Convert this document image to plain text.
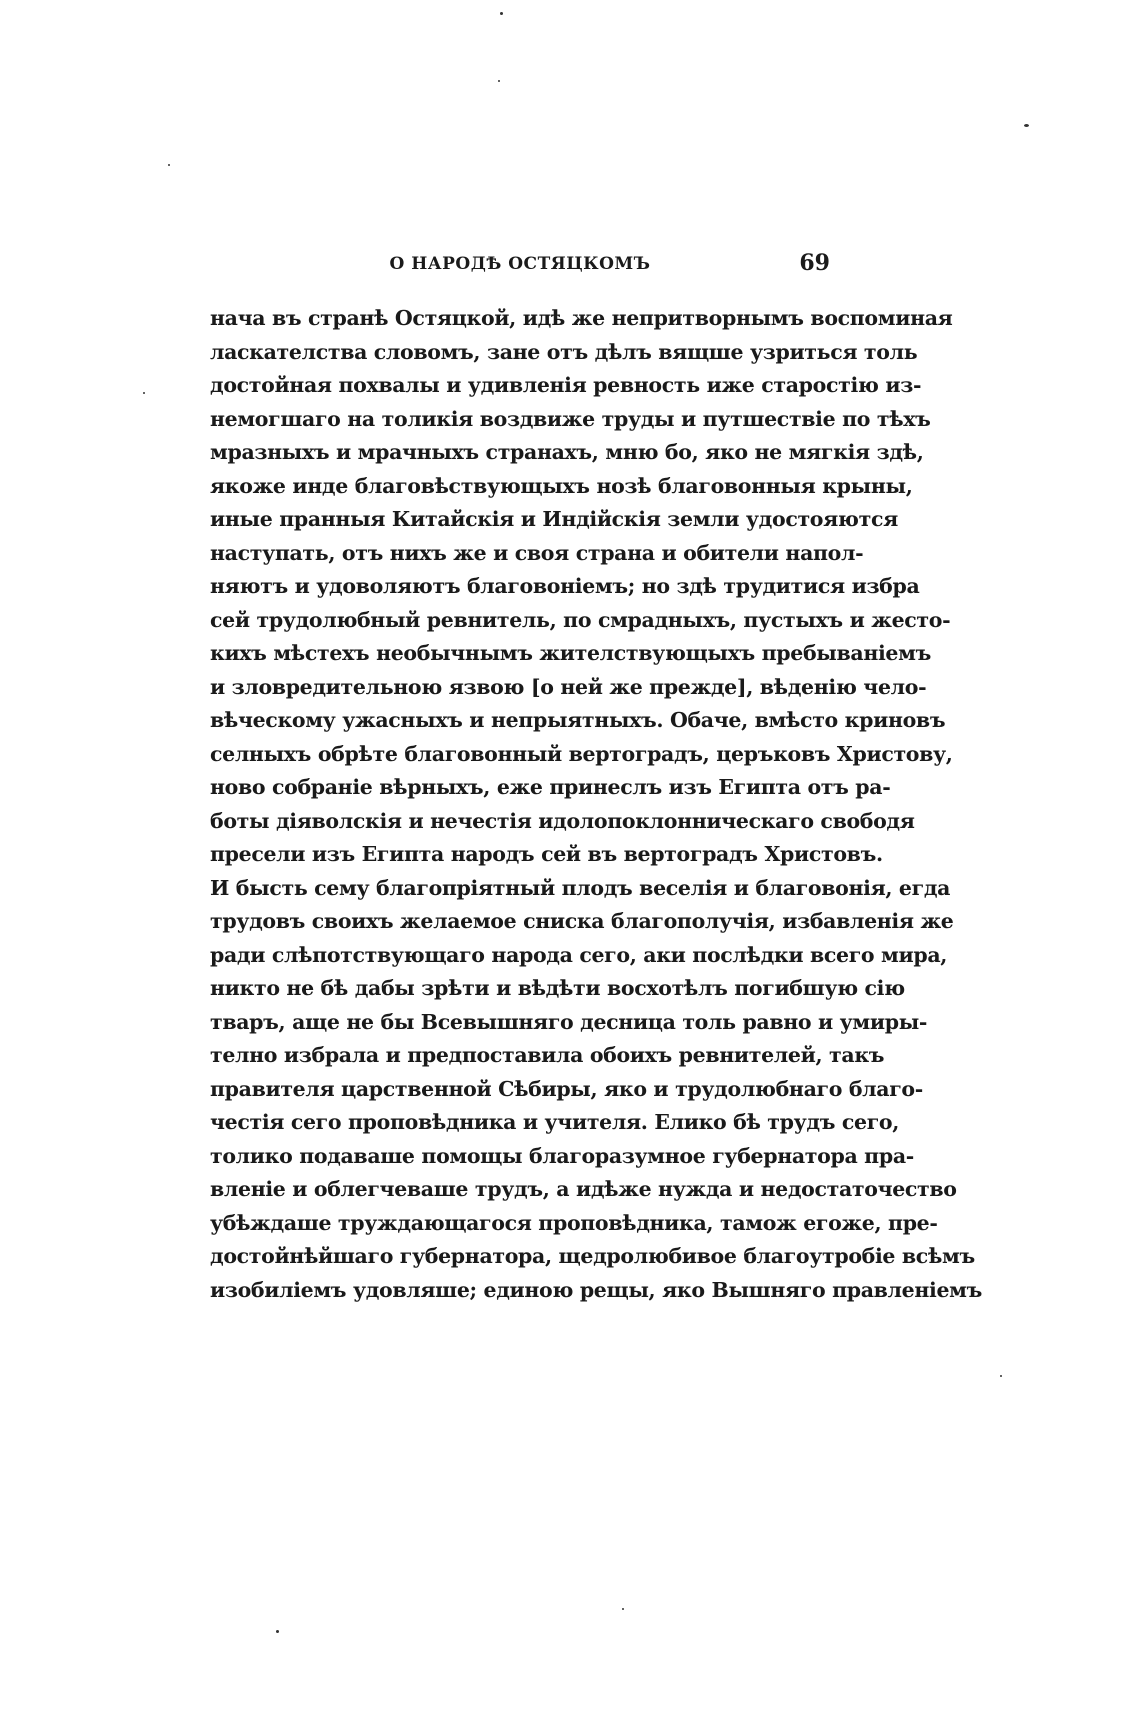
О НАРОДѢ ОСТЯЦКОМЪ	69
нача въ странѣ Остяцкой, идѣ же непритворнымъ воспоминая
ласкателства словомъ, зане отъ дѣлъ вящше узриться толь
достойная похвалы и удивленія ревность иже старостію из-
немогшаго на толикія воздвиже труды и путшествіе по тѣхъ
мразныхъ и мрачныхъ странахъ, мню бо, яко не мягкія здѣ,
якоже инде благовѣствующыхъ нозѣ благовонныя крыны,
иные пранныя Китайскія и Индійскія земли удостояются
наступать, отъ нихъ же и своя страна и обители напол-
няютъ и удоволяютъ благовоніемъ; но здѣ трудитися избра
сей трудолюбный ревнитель, по смрадныхъ, пустыхъ и жесто-
кихъ мѣстехъ необычнымъ жителствующыхъ пребываніемъ
и зловредительною язвою [о ней же прежде], вѣденію чело-
вѣческому ужасныхъ и непрыятныхъ. Обаче, вмѣсто криновъ
селныхъ обрѣте благовонный вертоградъ, церъковъ Христову,
ново собраніе вѣрныхъ, еже принеслъ изъ Египта отъ ра-
боты діяволскія и нечестія идолопоклонническаго свободя
пресели изъ Египта народъ сей въ вертоградъ Христовъ.
И бысть сему благопріятный плодъ веселія и благовонія, егда
трудовъ своихъ желаемое сниска благополучія, избавленія же
ради слѣпотствующаго народа сего, аки послѣдки всего мира,
никто не бѣ дабы зрѣти и вѣдѣти восхотѣлъ погибшую сію
тваръ, аще не бы Всевышняго десница толь равно и умиры-
телно избрала и предпоставила обоихъ ревнителей, такъ
правителя царственной Сѣбиры, яко и трудолюбнаго благо-
честія сего проповѣдника и учителя. Елико бѣ трудъ сего,
толико подаваше помощы благоразумное губернатора пра-
вленіе и облегчеваше трудъ, а идѣже нужда и недостаточество
убѣждаше труждающагося проповѣдника, тамож егоже, пре-
достойнѣйшаго губернатора, щедролюбивое благоутробіе всѣмъ
изобиліемъ удовляше; единою рещы, яко Вышняго правленіемъ
